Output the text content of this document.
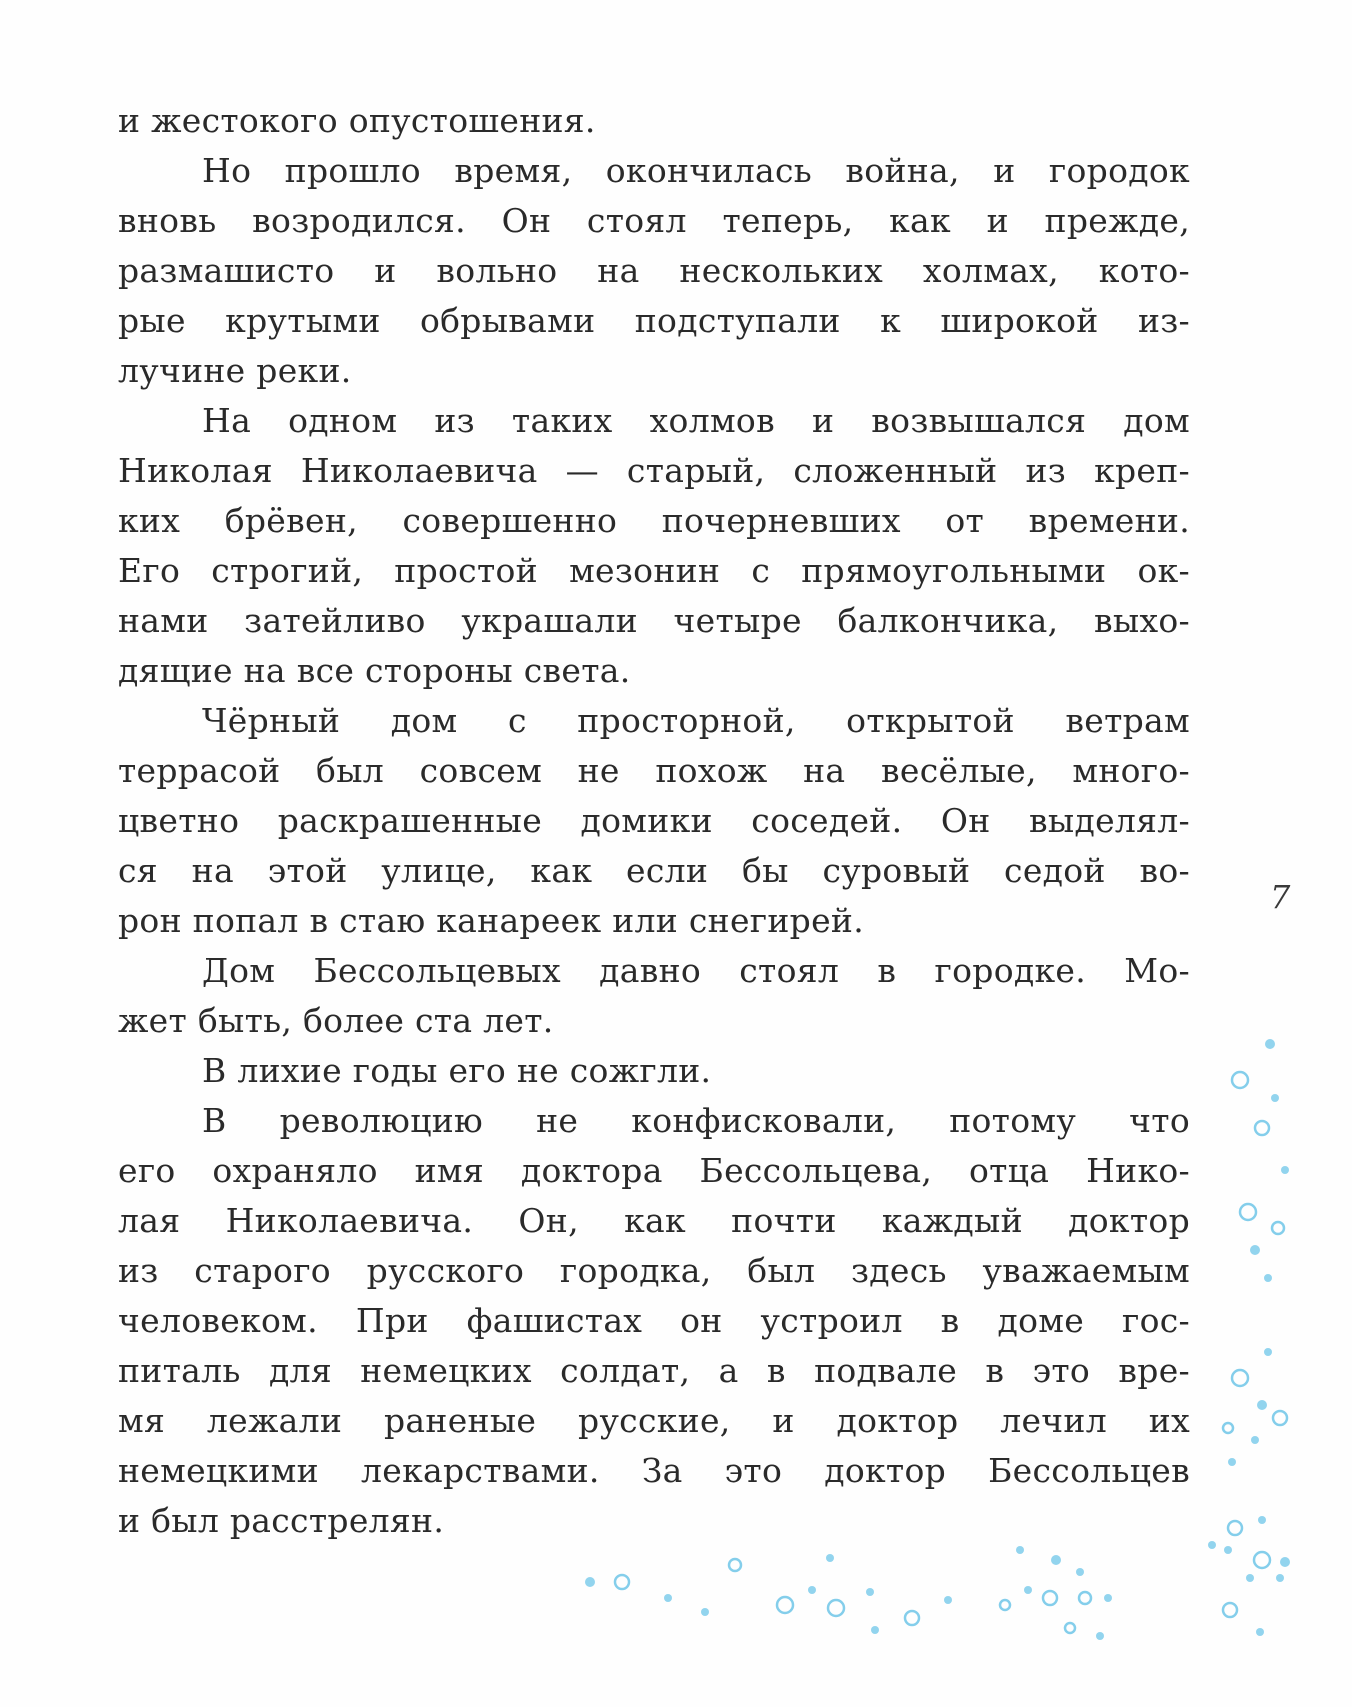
и жестокого опустошения.
Но прошло время, окончилась война, и городок
вновь возродился. Он стоял теперь, как и прежде,
размашисто и вольно на нескольких холмах, кото-
рые крутыми обрывами подступали к широкой из-
лучине реки.
На одном из таких холмов и возвышался дом
Николая Николаевича — старый, сложенный из креп-
ких брёвен, совершенно почерневших от времени.
Его строгий, простой мезонин с прямоугольными ок-
нами затейливо украшали четыре балкончика, выхо-
дящие на все стороны света.
Чёрный дом с просторной, открытой ветрам
террасой был совсем не похож на весёлые, много-
цветно раскрашенные домики соседей. Он выделял-
ся на этой улице, как если бы суровый седой во-
рон попал в стаю канареек или снегирей.
Дом Бессольцевых давно стоял в городке. Мо-
жет быть, более ста лет.
В лихие годы его не сожгли.
В революцию не конфисковали, потому что
его охраняло имя доктора Бессольцева, отца Нико-
лая Николаевича. Он, как почти каждый доктор
из старого русского городка, был здесь уважаемым
человеком. При фашистах он устроил в доме гос-
питаль для немецких солдат, а в подвале в это вре-
мя лежали раненые русские, и доктор лечил их
немецкими лекарствами. За это доктор Бессольцев
и был расстрелян.
7
